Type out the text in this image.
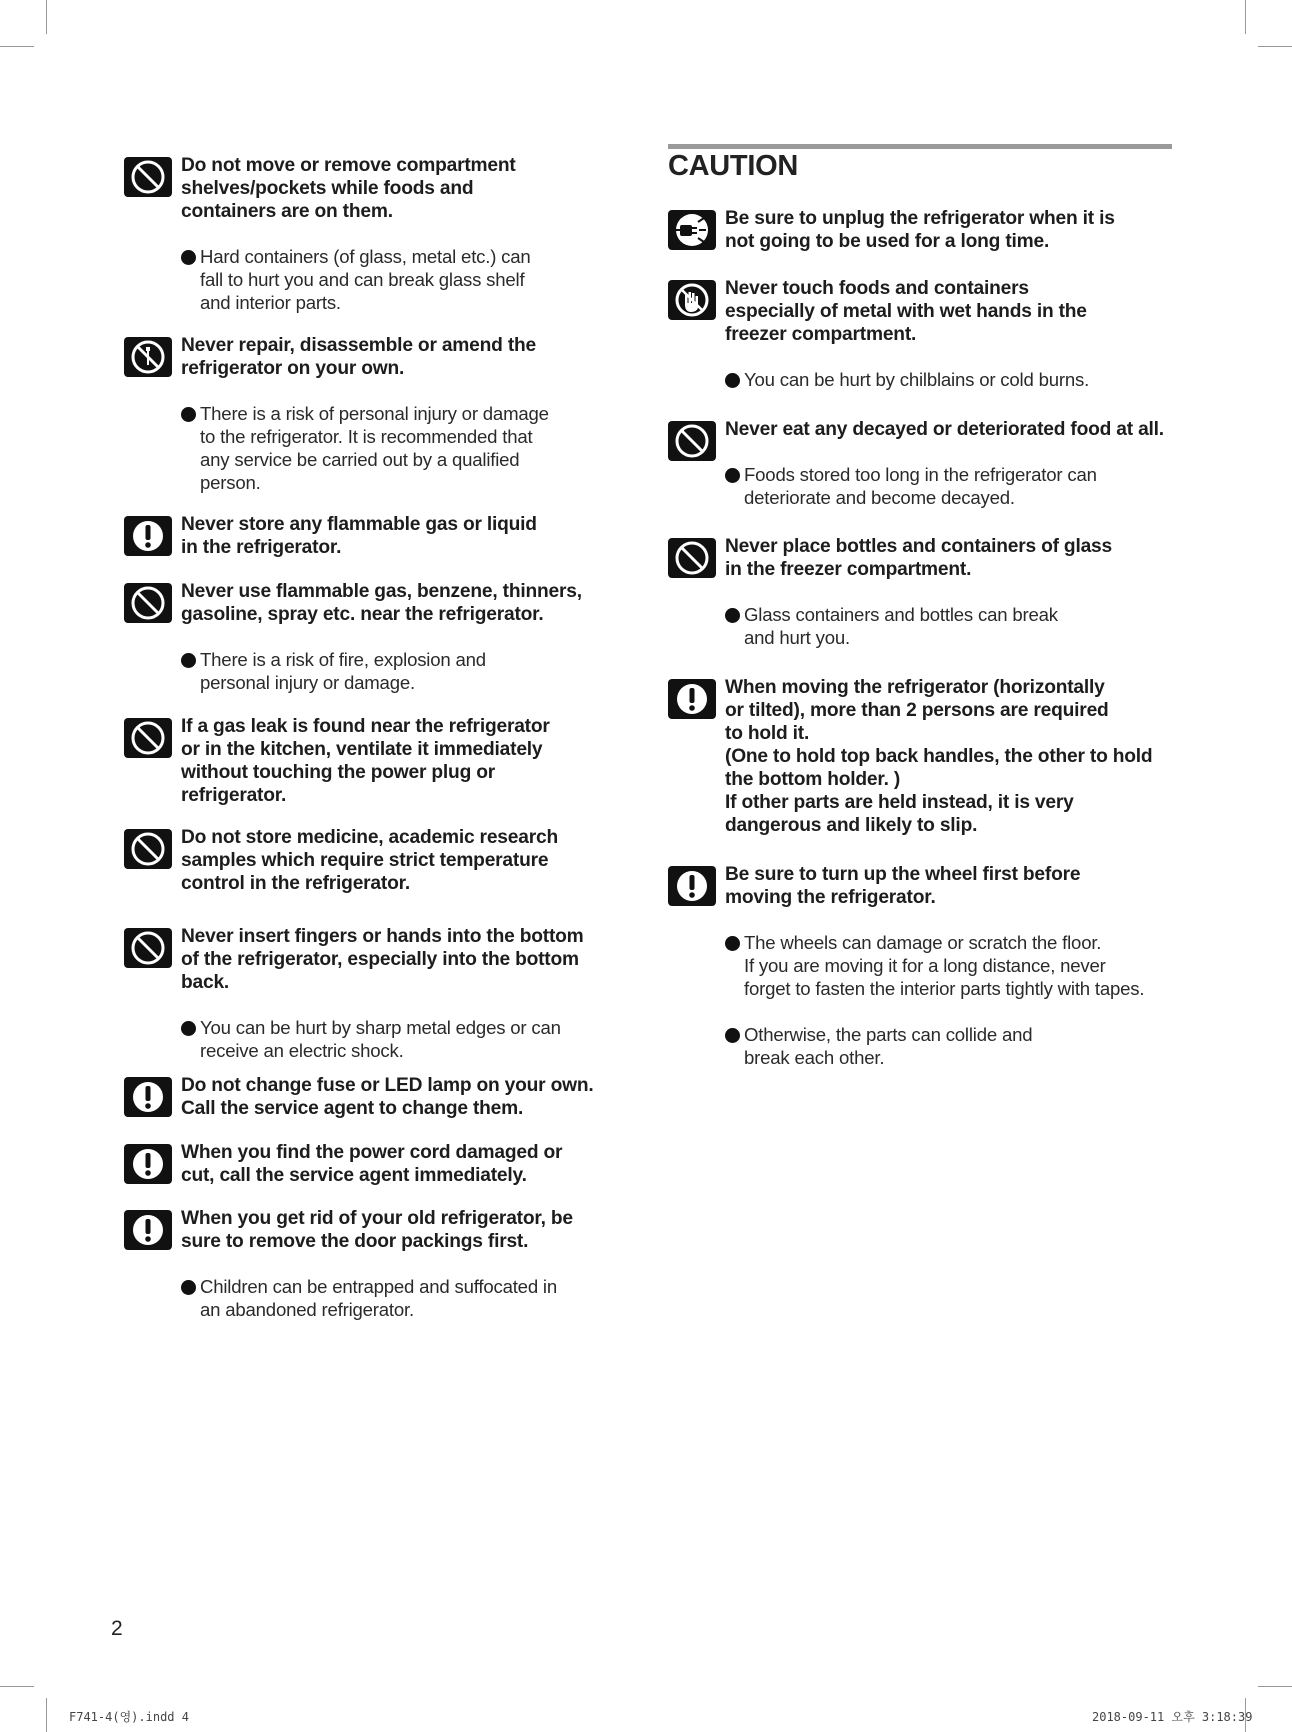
CAUTION

Do not move or remove compartment
shelves/pockets while foods and
containers are on them.

Hard containers (of glass, metal etc.) can
fall to hurt you and can break glass shelf
and interior parts.

Never repair, disassemble or amend the
refrigerator on your own.

There is a risk of personal injury or damage
to the refrigerator. It is recommended that
any service be carried out by a qualified
person.

Never store any flammable gas or liquid
in the refrigerator.

Never use flammable gas, benzene, thinners,
gasoline, spray etc. near the refrigerator.

There is a risk of fire, explosion and
personal injury or damage.

If a gas leak is found near the refrigerator
or in the kitchen, ventilate it immediately
without touching the power plug or
refrigerator.

Do not store medicine, academic research
samples which require strict temperature
control in the refrigerator.

Never insert fingers or hands into the bottom
of the refrigerator, especially into the bottom
back.

You can be hurt by sharp metal edges or can
receive an electric shock.

Do not change fuse or LED lamp on your own.
Call the service agent to change them.

When you find the power cord damaged or
cut, call the service agent immediately.

When you get rid of your old refrigerator, be
sure to remove the door packings first.

Children can be entrapped and suffocated in
an abandoned refrigerator.

Be sure to unplug the refrigerator when it is
not going to be used for a long time.

Never touch foods and containers
especially of metal with wet hands in the
freezer compartment.

You can be hurt by chilblains or cold burns.

Never eat any decayed or deteriorated food at all.

Foods stored too long in the refrigerator can
deteriorate and become decayed.

Never place bottles and containers of glass
in the freezer compartment.

Glass containers and bottles can break
and hurt you.

When moving the refrigerator (horizontally
or tilted), more than 2 persons are required
to hold it.
(One to hold top back handles, the other to hold
the bottom holder. )
If other parts are held instead, it is very
dangerous and likely to slip.

Be sure to turn up the wheel first before
moving the refrigerator.

The wheels can damage or scratch the floor.
If you are moving it for a long distance, never
forget to fasten the interior parts tightly with tapes.
Otherwise, the parts can collide and
break each other.
2
F741-4(영).indd 4	2018-09-11 오후 3:18:39
